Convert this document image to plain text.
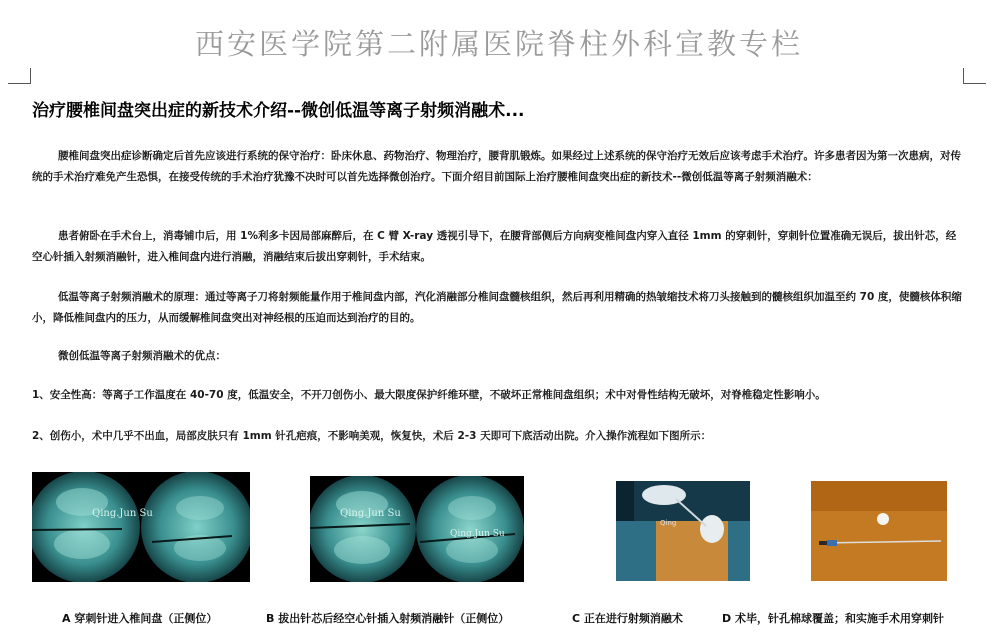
西安医学院第二附属医院脊柱外科宣教专栏
治疗腰椎间盘突出症的新技术介绍--微创低温等离子射频消融术...
腰椎间盘突出症诊断确定后首先应该进行系统的保守治疗：卧床休息、药物治疗、物理治疗，腰背肌锻炼。如果经过上述系统的保守治疗无效后应该考虑手术治疗。许多患者因为第一次患病，对传统的手术治疗难免产生恐惧，在接受传统的手术治疗犹豫不决时可以首先选择微创治疗。下面介绍目前国际上治疗腰椎间盘突出症的新技术--微创低温等离子射频消融术：
患者俯卧在手术台上，消毒铺巾后，用 1%利多卡因局部麻醉后，在 C 臂 X-ray 透视引导下，在腰背部侧后方向病变椎间盘内穿入直径 1mm 的穿刺针，穿刺针位置准确无误后，拔出针芯，经空心针插入射频消融针，进入椎间盘内进行消融，消融结束后拔出穿刺针，手术结束。
低温等离子射频消融术的原理：通过等离子刀将射频能量作用于椎间盘内部，汽化消融部分椎间盘髓核组织，然后再利用精确的热皱缩技术将刀头接触到的髓核组织加温至约 70 度，使髓核体积缩小，降低椎间盘内的压力，从而缓解椎间盘突出对神经根的压迫而达到治疗的目的。
微创低温等离子射频消融术的优点：
1、安全性高：等离子工作温度在 40-70 度，低温安全，不开刀创伤小、最大限度保护纤维环壁，不破坏正常椎间盘组织；术中对骨性结构无破坏，对脊椎稳定性影响小。
2、创伤小，术中几乎不出血，局部皮肤只有 1mm 针孔疤痕，不影响美观，恢复快，术后 2-3 天即可下底活动出院。介入操作流程如下图所示：
Qing.Jun Su	Qing.Jun Su
Qing.Jun Su
Qing
A 穿刺针进入椎间盘（正侧位）	B 拔出针芯后经空心针插入射频消融针（正侧位）	C 正在进行射频消融术	D 术毕，针孔棉球覆盖；和实施手术用穿刺针
